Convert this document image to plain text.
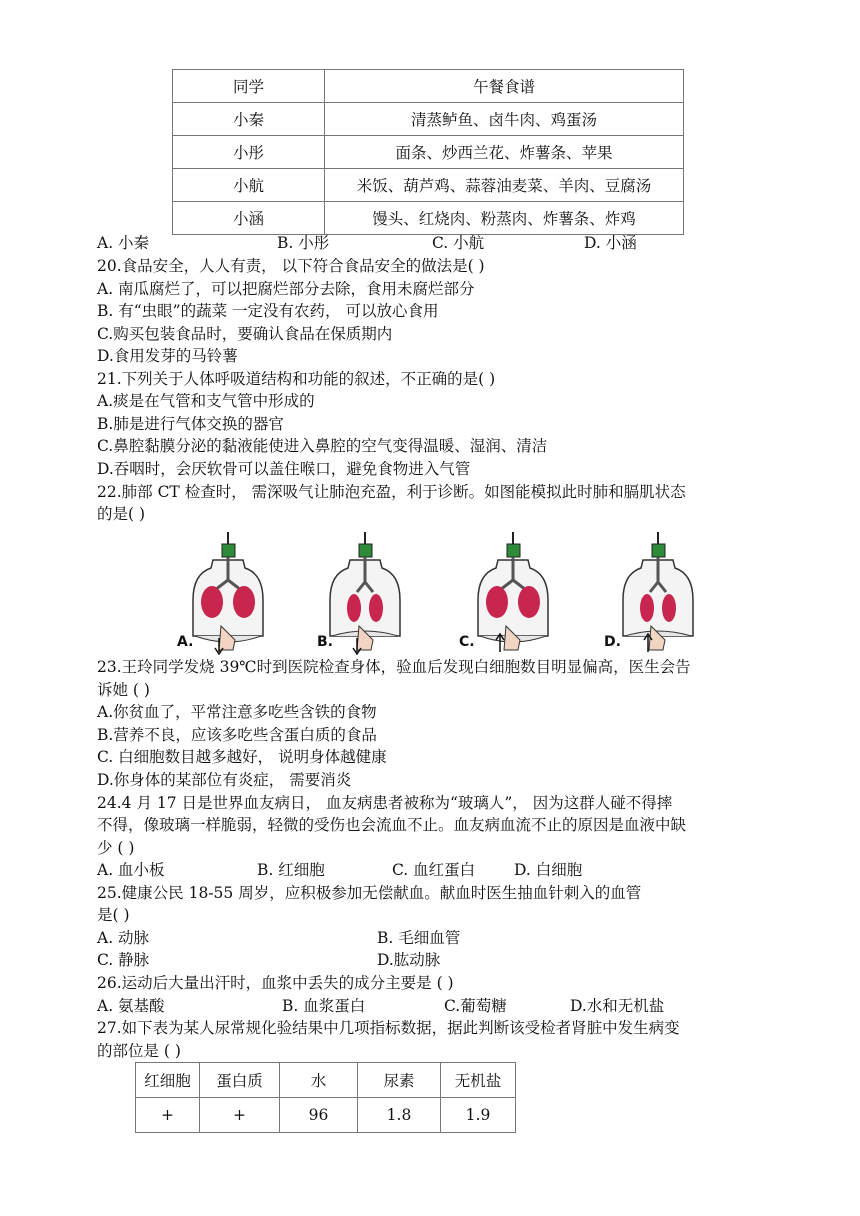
同学	午餐食谱
小秦	清蒸鲈鱼、卤牛肉、鸡蛋汤
小彤	面条、炒西兰花、炸薯条、苹果
小航	米饭、葫芦鸡、蒜蓉油麦菜、羊肉、豆腐汤
小涵	馒头、红烧肉、粉蒸肉、炸薯条、炸鸡
A. 小秦	B. 小彤	C. 小航	D. 小涵
20.食品安全，人人有责， 以下符合食品安全的做法是( )
A. 南瓜腐烂了，可以把腐烂部分去除，食用未腐烂部分
B. 有“虫眼”的蔬菜 一定没有农药， 可以放心食用
C.购买包装食品时，要确认食品在保质期内
D.食用发芽的马铃薯
21.下列关于人体呼吸道结构和功能的叙述，不正确的是( )
A.痰是在气管和支气管中形成的
B.肺是进行气体交换的器官
C.鼻腔黏膜分泌的黏液能使进入鼻腔的空气变得温暖、湿润、清洁
D.吞咽时，会厌软骨可以盖住喉口，避免食物进入气管
22.肺部 CT 检查时， 需深吸气让肺泡充盈，利于诊断。如图能模拟此时肺和膈肌状态
的是( )
A.	B.	C.	D.
23.王玲同学发烧 39℃时到医院检查身体，验血后发现白细胞数目明显偏高，医生会告
诉她 ( )
A.你贫血了，平常注意多吃些含铁的食物
B.营养不良，应该多吃些含蛋白质的食品
C. 白细胞数目越多越好， 说明身体越健康
D.你身体的某部位有炎症， 需要消炎
24.4 月 17 日是世界血友病日， 血友病患者被称为“玻璃人”， 因为这群人碰不得摔
不得，像玻璃一样脆弱，轻微的受伤也会流血不止。血友病血流不止的原因是血液中缺
少 ( )
A. 血小板	B. 红细胞	C. 血红蛋白	D. 白细胞
25.健康公民 18-55 周岁，应积极参加无偿献血。献血时医生抽血针刺入的血管
是( )
A. 动脉	B. 毛细血管
C. 静脉	D.肱动脉
26.运动后大量出汗时，血浆中丢失的成分主要是 ( )
A. 氨基酸	B. 血浆蛋白	C.葡萄糖	D.水和无机盐
27.如下表为某人尿常规化验结果中几项指标数据，据此判断该受检者肾脏中发生病变
的部位是 ( )
红细胞	蛋白质	水	尿素	无机盐
+	+	96	1.8	1.9
